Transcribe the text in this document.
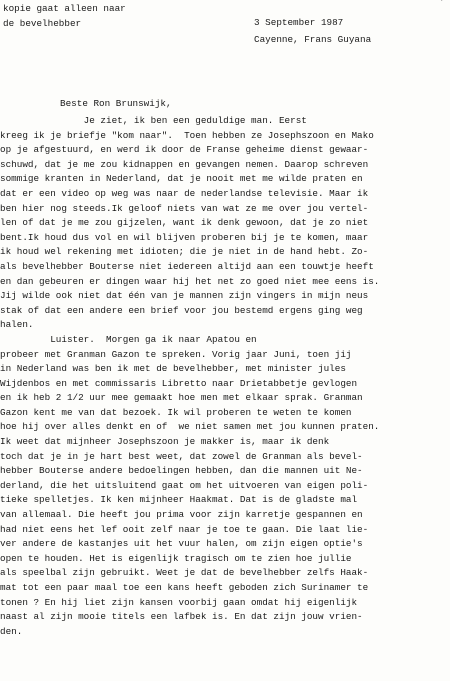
`
kopie gaat alleen naar
de bevelhebber	3 September 1987
Cayenne, Frans Guyana
Beste Ron Brunswijk,
Je ziet, ik ben een geduldige man. Eerst
kreeg ik je briefje "kom naar".  Toen hebben ze Josephszoon en Mako
op je afgestuurd, en werd ik door de Franse geheime dienst gewaar-
schuwd, dat je me zou kidnappen en gevangen nemen. Daarop schreven
sommige kranten in Nederland, dat je nooit met me wilde praten en
dat er een video op weg was naar de nederlandse televisie. Maar ik
ben hier nog steeds.Ik geloof niets van wat ze me over jou vertel-
len of dat je me zou gijzelen, want ik denk gewoon, dat je zo niet
bent.Ik houd dus vol en wil blijven proberen bij je te komen, maar
ik houd wel rekening met idioten; die je niet in de hand hebt. Zo-
als bevelhebber Bouterse niet iedereen altijd aan een touwtje heeft
en dan gebeuren er dingen waar hij het net zo goed niet mee eens is.
Jij wilde ook niet dat één van je mannen zijn vingers in mijn neus
stak of dat een andere een brief voor jou bestemd ergens ging weg
halen.
Luister.  Morgen ga ik naar Apatou en
probeer met Granman Gazon te spreken. Vorig jaar Juni, toen jij
in Nederland was ben ik met de bevelhebber, met minister jules
Wijdenbos en met commissaris Libretto naar Drietabbetje gevlogen
en ik heb 2 1/2 uur mee gemaakt hoe men met elkaar sprak. Granman
Gazon kent me van dat bezoek. Ik wil proberen te weten te komen
hoe hij over alles denkt en of  we niet samen met jou kunnen praten.
Ik weet dat mijnheer Josephszoon je makker is, maar ik denk
toch dat je in je hart best weet, dat zowel de Granman als bevel-
hebber Bouterse andere bedoelingen hebben, dan die mannen uit Ne-
derland, die het uitsluitend gaat om het uitvoeren van eigen poli-
tieke spelletjes. Ik ken mijnheer Haakmat. Dat is de gladste mal
van allemaal. Die heeft jou prima voor zijn karretje gespannen en
had niet eens het lef ooit zelf naar je toe te gaan. Die laat lie-
ver andere de kastanjes uit het vuur halen, om zijn eigen optie's
open te houden. Het is eigenlijk tragisch om te zien hoe jullie
als speelbal zijn gebruikt. Weet je dat de bevelhebber zelfs Haak-
mat tot een paar maal toe een kans heeft geboden zich Surinamer te
tonen ? En hij liet zijn kansen voorbij gaan omdat hij eigenlijk
naast al zijn mooie titels een lafbek is. En dat zijn jouw vrien-
den.
